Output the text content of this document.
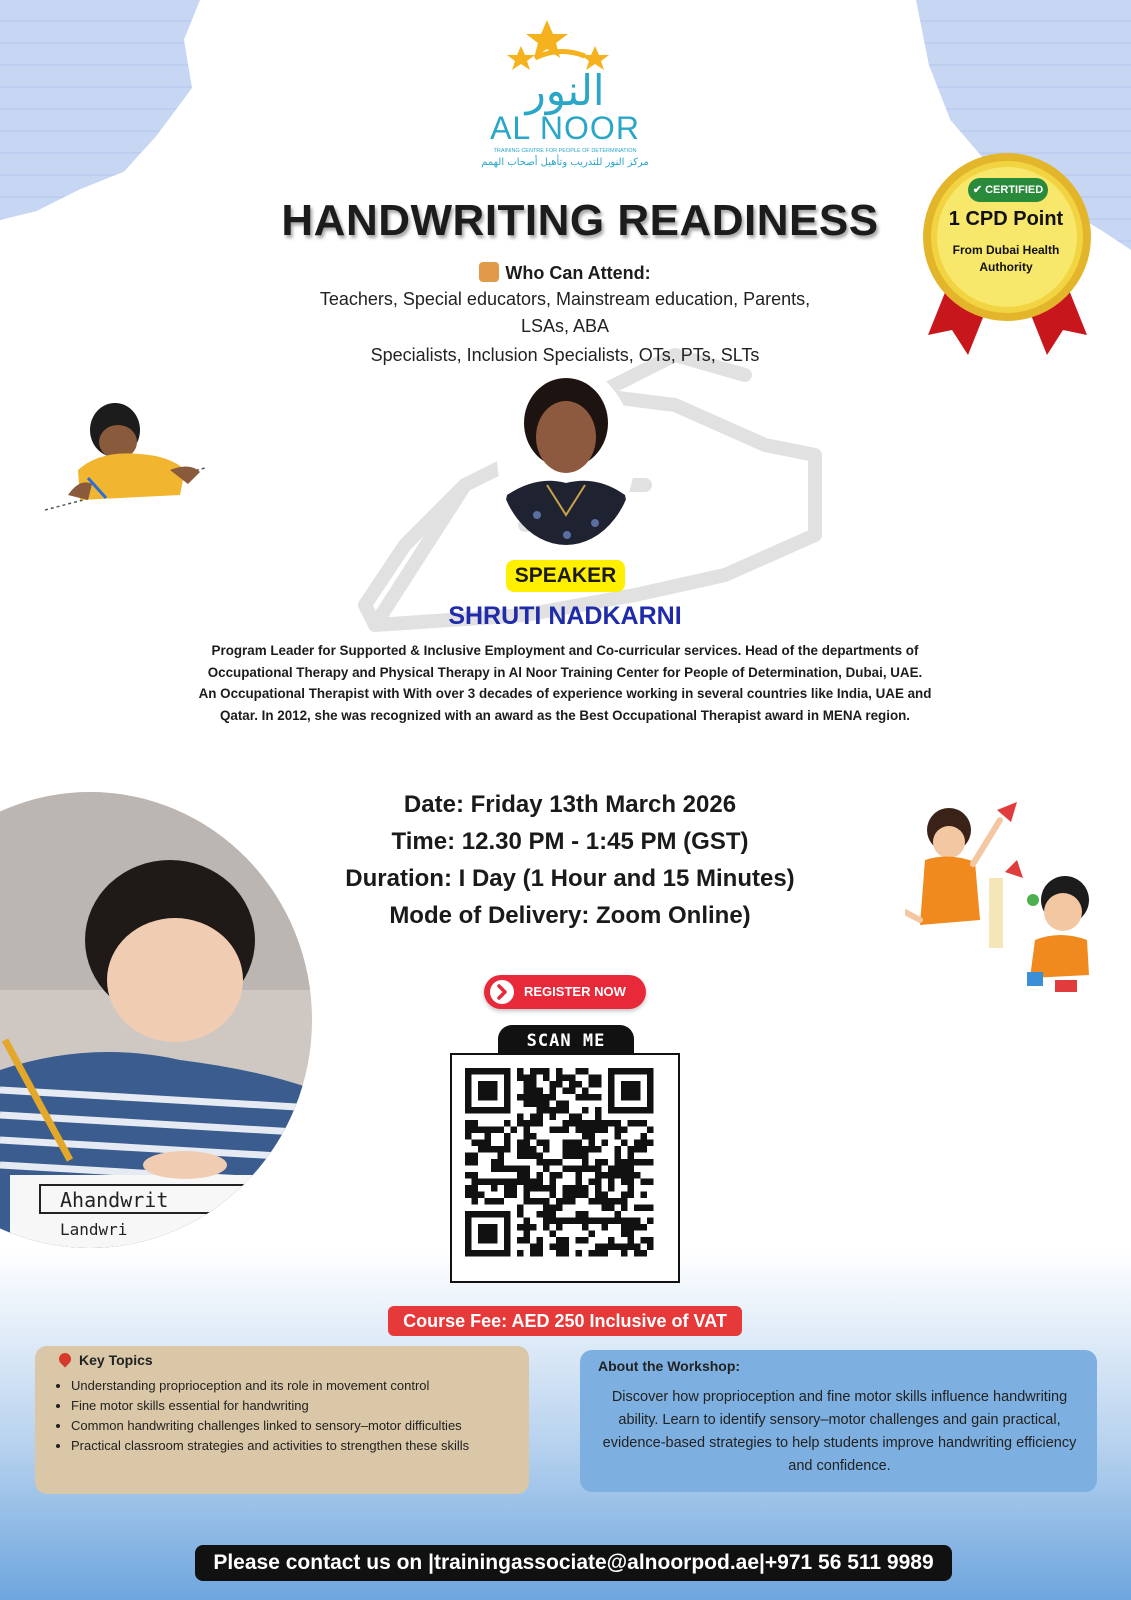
النور
AL NOOR
TRAINING CENTRE FOR PEOPLE OF DETERMINATION
مركز النور للتدريب وتأهيل أصحاب الهمم
HANDWRITING READINESS
Who Can Attend:
Teachers, Special educators, Mainstream education, Parents, LSAs, ABA
Specialists, Inclusion Specialists, OTs, PTs, SLTs
✔ CERTIFIED
1 CPD Point
From Dubai Health
Authority
SPEAKER
SHRUTI NADKARNI
Program Leader for Supported & Inclusive Employment and Co-curricular services. Head of the departments of
Occupational Therapy and Physical Therapy in Al Noor Training Center for People of Determination, Dubai, UAE.
An Occupational Therapist with With over 3 decades of experience working in several countries like India, UAE and
Qatar. In 2012, she was recognized with an award as the Best Occupational Therapist award in MENA region.
Ahandwrit
Landwri
Date: Friday 13th March 2026
Time: 12.30 PM - 1:45 PM (GST)
Duration: I Day (1 Hour and 15 Minutes)
Mode of Delivery: Zoom Online)
REGISTER NOW
SCAN ME
Course Fee: AED 250 Inclusive of VAT
Key Topics
• Understanding proprioception and its role in movement control
• Fine motor skills essential for handwriting
• Common handwriting challenges linked to sensory–motor difficulties
• Practical classroom strategies and activities to strengthen these skills
About the Workshop:
Discover how proprioception and fine motor skills influence handwriting ability. Learn to identify sensory–motor challenges and gain practical, evidence-based strategies to help students improve handwriting efficiency and confidence.
Please contact us on |trainingassociate@alnoorpod.ae|+971 56 511 9989
